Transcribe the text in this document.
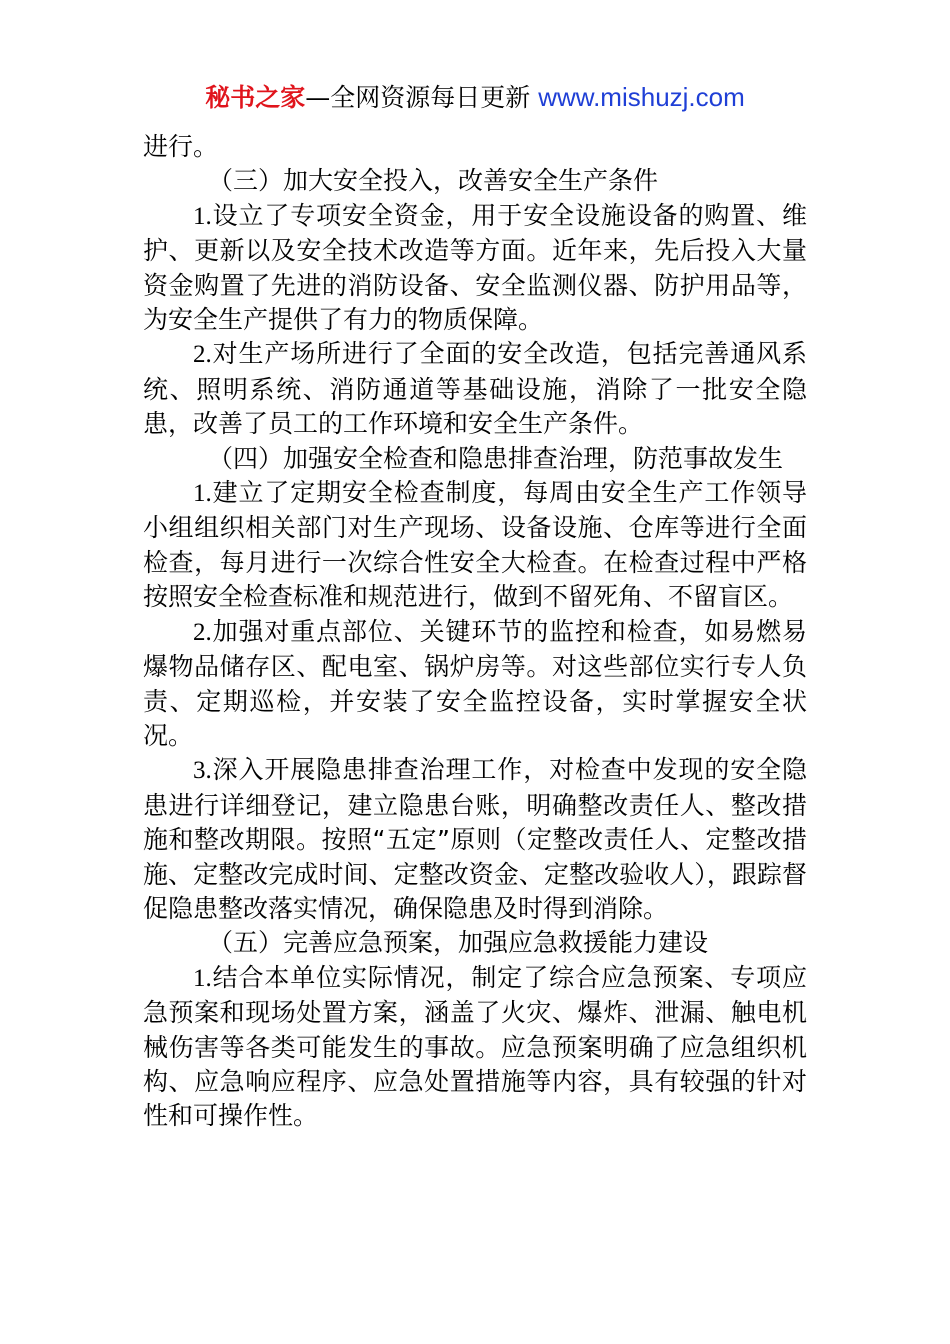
秘书之家—全网资源每日更新 www.mishuzj.com

进行。

（三）加大安全投入，改善安全生产条件

1.设立了专项安全资金，用于安全设施设备的购置、维护、更新以及安全技术改造等方面。近年来，先后投入大量资金购置了先进的消防设备、安全监测仪器、防护用品等，为安全生产提供了有力的物质保障。

2.对生产场所进行了全面的安全改造，包括完善通风系统、照明系统、消防通道等基础设施，消除了一批安全隐患，改善了员工的工作环境和安全生产条件。

（四）加强安全检查和隐患排查治理，防范事故发生

1.建立了定期安全检查制度，每周由安全生产工作领导小组组织相关部门对生产现场、设备设施、仓库等进行全面检查，每月进行一次综合性安全大检查。在检查过程中严格按照安全检查标准和规范进行，做到不留死角、不留盲区。

2.加强对重点部位、关键环节的监控和检查，如易燃易爆物品储存区、配电室、锅炉房等。对这些部位实行专人负责、定期巡检，并安装了安全监控设备，实时掌握安全状况。

3.深入开展隐患排查治理工作，对检查中发现的安全隐患进行详细登记，建立隐患台账，明确整改责任人、整改措施和整改期限。按照“五定”原则（定整改责任人、定整改措施、定整改完成时间、定整改资金、定整改验收人），跟踪督促隐患整改落实情况，确保隐患及时得到消除。

（五）完善应急预案，加强应急救援能力建设

1.结合本单位实际情况，制定了综合应急预案、专项应急预案和现场处置方案，涵盖了火灾、爆炸、泄漏、触电机械伤害等各类可能发生的事故。应急预案明确了应急组织机构、应急响应程序、应急处置措施等内容，具有较强的针对性和可操作性。
